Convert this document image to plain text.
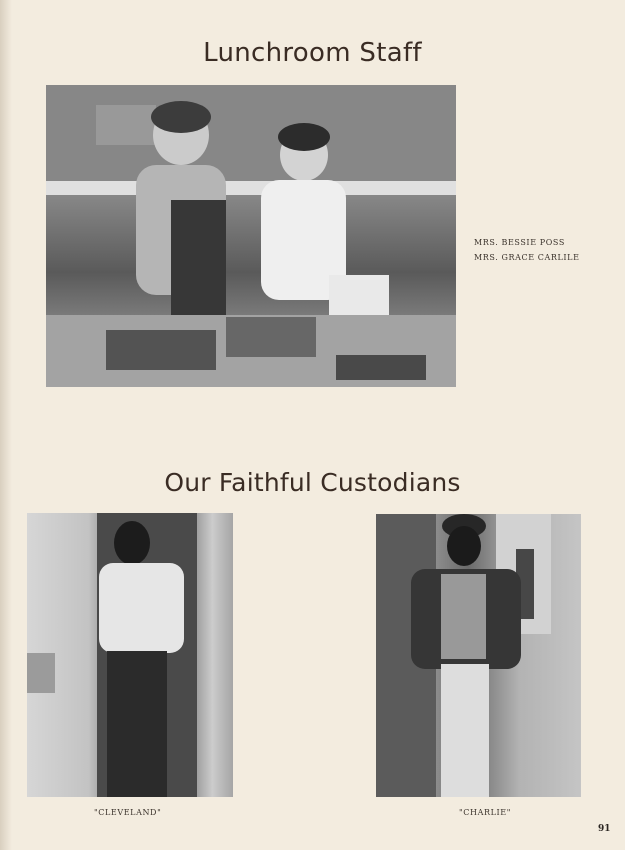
Lunchroom Staff
MRS. BESSIE POSS
MRS. GRACE CARLILE
Our Faithful Custodians
"CLEVELAND"	"CHARLIE"
91
